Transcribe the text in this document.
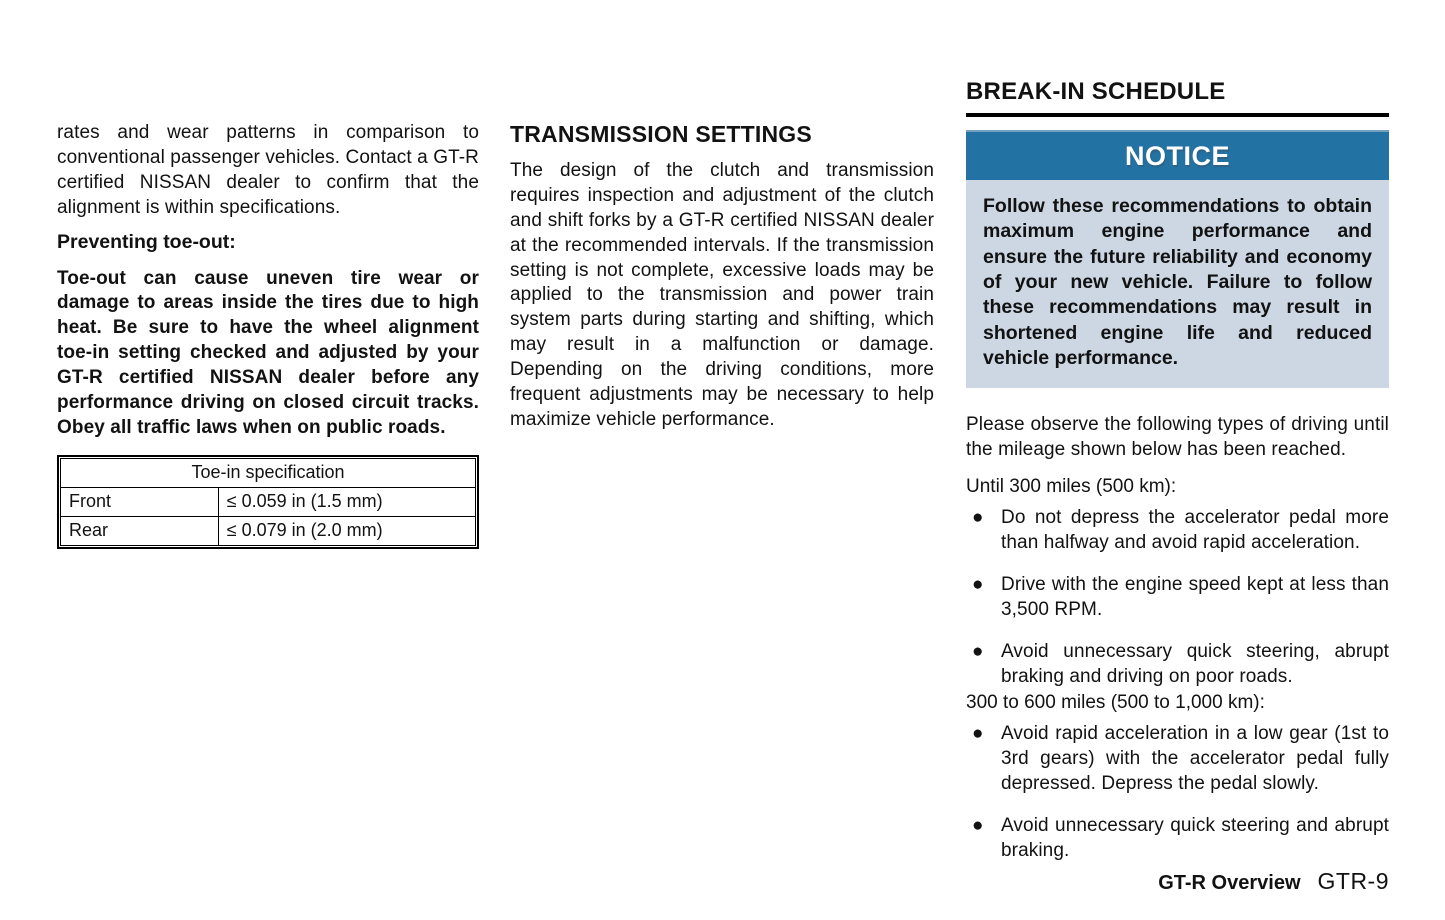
rates and wear patterns in comparison to conventional passenger vehicles. Contact a GT-R certified NISSAN dealer to confirm that the alignment is within specifications.

Preventing toe-out:

Toe-out can cause uneven tire wear or damage to areas inside the tires due to high heat. Be sure to have the wheel alignment toe-in setting checked and adjusted by your GT-R certified NISSAN dealer before any performance driving on closed circuit tracks. Obey all traffic laws when on public roads.

Toe-in specification	
Front	≤ 0.059 in (1.5 mm)
Rear	≤ 0.079 in (2.0 mm)
TRANSMISSION SETTINGS

The design of the clutch and transmission requires inspection and adjustment of the clutch and shift forks by a GT-R certified NISSAN dealer at the recommended intervals. If the transmission setting is not complete, excessive loads may be applied to the transmission and power train system parts during starting and shifting, which may result in a malfunction or damage. Depending on the driving conditions, more frequent adjustments may be necessary to help maximize vehicle performance.

BREAK-IN SCHEDULE
NOTICE
Follow these recommendations to obtain maximum engine performance and ensure the future reliability and economy of your new vehicle. Failure to follow these recommendations may result in shortened engine life and reduced vehicle performance.

Please observe the following types of driving until the mileage shown below has been reached.

Until 300 miles (500 km):

● Do not depress the accelerator pedal more than halfway and avoid rapid acceleration.
● Drive with the engine speed kept at less than 3,500 RPM.
● Avoid unnecessary quick steering, abrupt braking and driving on poor roads.

300 to 600 miles (500 to 1,000 km):

● Avoid rapid acceleration in a low gear (1st to 3rd gears) with the accelerator pedal fully depressed. Depress the pedal slowly.
● Avoid unnecessary quick steering and abrupt braking.
GT-R Overview GTR-9
